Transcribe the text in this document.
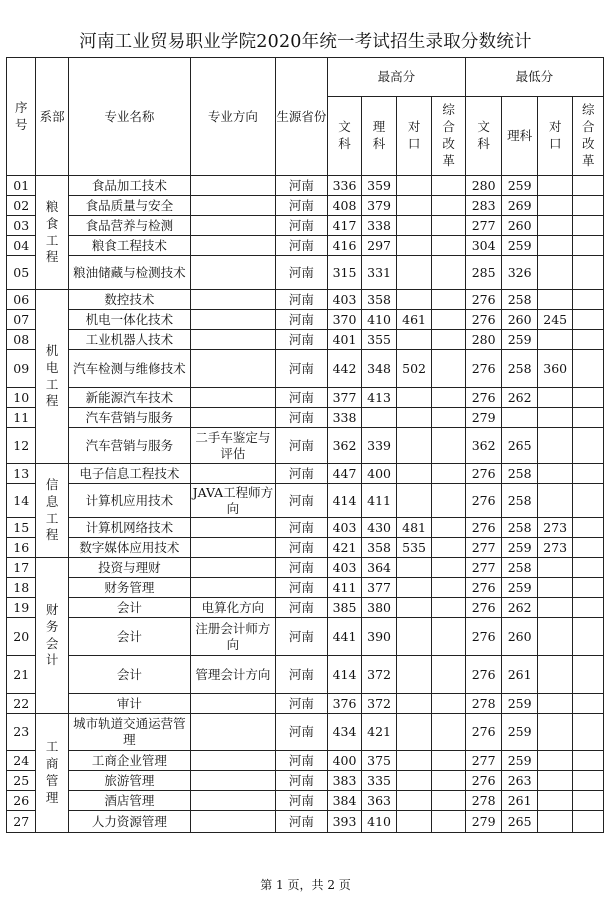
河南工业贸易职业学院2020年统一考试招生录取分数统计
序号	系部	专业名称	专业方向	生源省份	最高分				最低分			
					文科	理科	对口	综合改革	文科	理科	对口	综合改革
01	粮食工程	食品加工技术		河南	336	359			280	259		
02		食品质量与安全		河南	408	379			283	269		
03		食品营养与检测		河南	417	338			277	260		
04		粮食工程技术		河南	416	297			304	259		
05		粮油储藏与检测技术		河南	315	331			285	326		
06	机电工程	数控技术		河南	403	358			276	258		
07		机电一体化技术		河南	370	410	461		276	260	245	
08		工业机器人技术		河南	401	355			280	259		
09		汽车检测与维修技术		河南	442	348	502		276	258	360	
10		新能源汽车技术		河南	377	413			276	262		
11		汽车营销与服务		河南	338				279			
12		汽车营销与服务	二手车鉴定与评估	河南	362	339			362	265		
13	信息工程	电子信息工程技术		河南	447	400			276	258		
14		计算机应用技术	JAVA工程师方向	河南	414	411			276	258		
15		计算机网络技术		河南	403	430	481		276	258	273	
16		数字媒体应用技术		河南	421	358	535		277	259	273	
17	财务会计	投资与理财		河南	403	364			277	258		
18		财务管理		河南	411	377			276	259		
19		会计	电算化方向	河南	385	380			276	262		
20		会计	注册会计师方向	河南	441	390			276	260		
21		会计	管理会计方向	河南	414	372			276	261		
22		审计		河南	376	372			278	259		
23	工商管理	城市轨道交通运营管理		河南	434	421			276	259		
24		工商企业管理		河南	400	375			277	259		
25		旅游管理		河南	383	335			276	263		
26		酒店管理		河南	384	363			278	261		
27		人力资源管理		河南	393	410			279	265		
第 1 页，共 2 页
